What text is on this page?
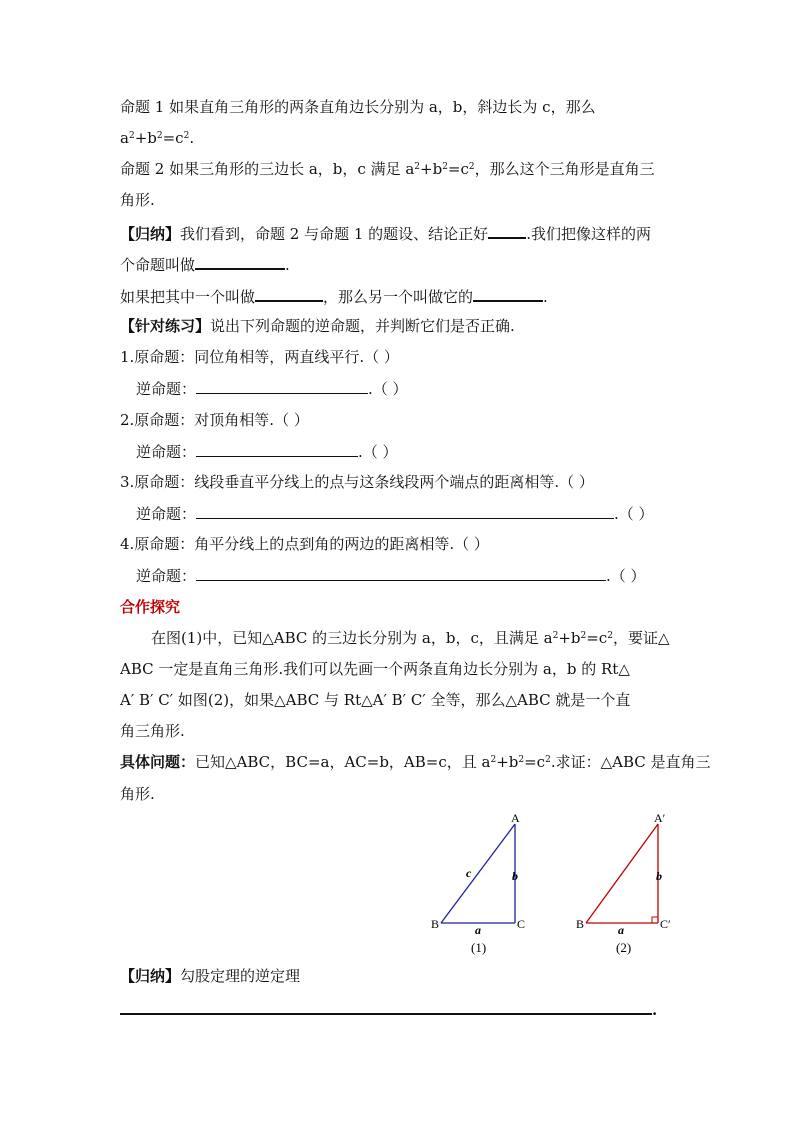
命题 1 如果直角三角形的两条直角边长分别为 a，b，斜边长为 c，那么
$a^2+b^2=c^2$.
命题 2 如果三角形的三边长 a，b，c 满足 $a^2+b^2=c^2$，那么这个三角形是直角三
角形.
【归纳】我们看到，命题 2 与命题 1 的题设、结论正好	.我们把像这样的两
个命题叫做	.
如果把其中一个叫做	，那么另一个叫做它的	.
【针对练习】说出下列命题的逆命题，并判断它们是否正确.
1.原命题：同位角相等，两直线平行.（ ）
逆命题：	.（ ）
2.原命题：对顶角相等.（ ）
逆命题：	.（ ）
3.原命题：线段垂直平分线上的点与这条线段两个端点的距离相等.（ ）
逆命题：	.（ ）
4.原命题：角平分线上的点到角的两边的距离相等.（ ）
逆命题：	.（ ）
合作探究
在图(1)中，已知△ABC 的三边长分别为 a，b，c，且满足 $a^2+b^2=c^2$，要证△
ABC 一定是直角三角形.我们可以先画一个两条直角边长分别为 a，b 的 Rt△
A′ B′ C′ 如图(2)，如果△ABC 与 Rt△A′ B′ C′ 全等，那么△ABC 就是一个直
角三角形.
具体问题：已知△ABC，BC=a，AC=b，AB=c，且 $a^2+b^2=c^2$.求证：△ABC 是直角三
角形.
A
B	C
a
b
c
(1)
A′
B	C′
a
b
(2)
【归纳】勾股定理的逆定理
.
